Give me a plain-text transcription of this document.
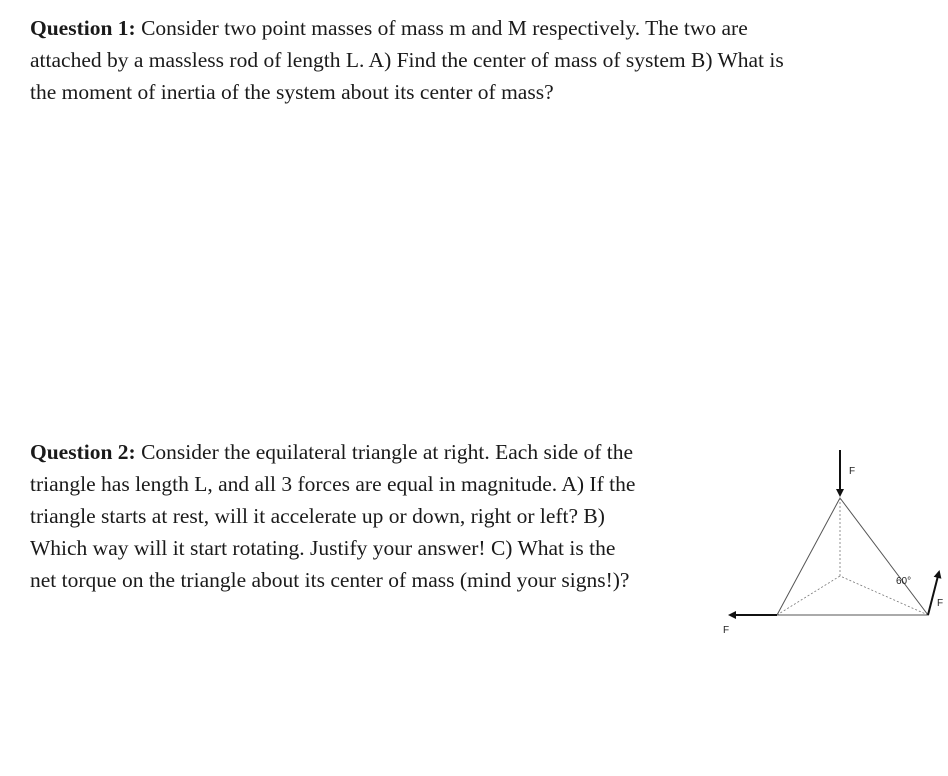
Question 1: Consider two point masses of mass m and M respectively. The two are
attached by a massless rod of length L. A) Find the center of mass of system B) What is
the moment of inertia of the system about its center of mass?
Question 2: Consider the equilateral triangle at right. Each side of the
triangle has length L, and all 3 forces are equal in magnitude. A) If the
triangle starts at rest, will it accelerate up or down, right or left? B)
Which way will it start rotating. Justify your answer! C) What is the
net torque on the triangle about its center of mass (mind your signs!)?
F
F
F
60°
